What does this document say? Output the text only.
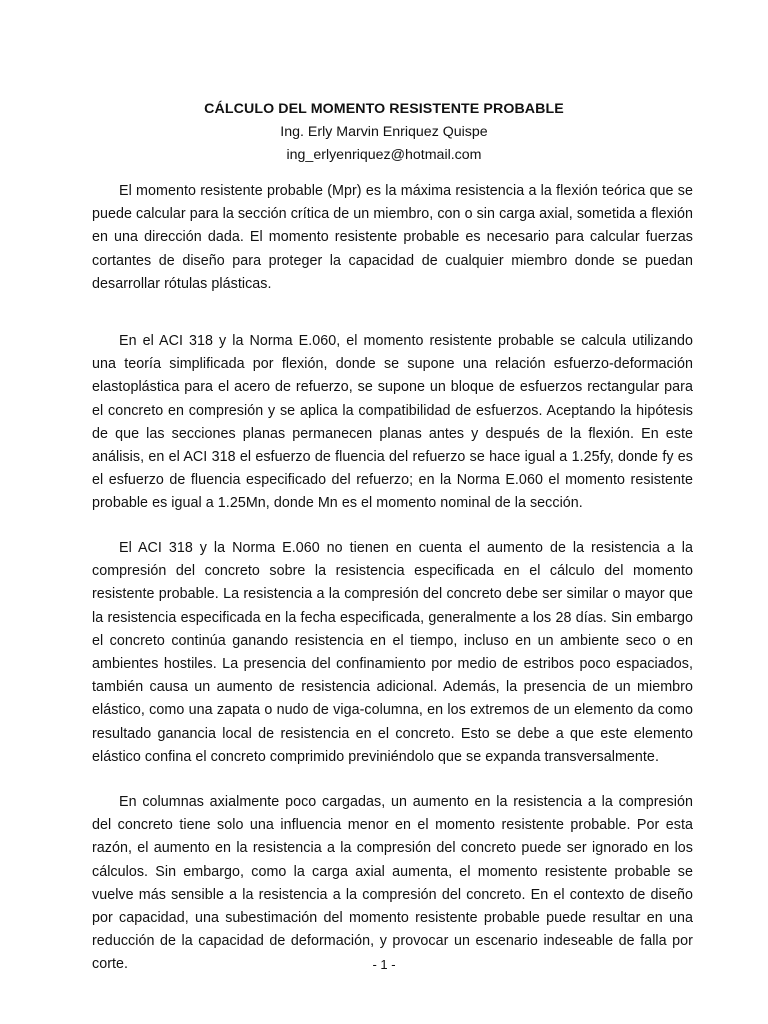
CÁLCULO DEL MOMENTO RESISTENTE PROBABLE
Ing. Erly Marvin Enriquez Quispe
ing_erlyenriquez@hotmail.com

El momento resistente probable (Mpr) es la máxima resistencia a la flexión teórica que se puede calcular para la sección crítica de un miembro, con o sin carga axial, sometida a flexión en una dirección dada. El momento resistente probable es necesario para calcular fuerzas cortantes de diseño para proteger la capacidad de cualquier miembro donde se puedan desarrollar rótulas plásticas.

En el ACI 318 y la Norma E.060, el momento resistente probable se calcula utilizando una teoría simplificada por flexión, donde se supone una relación esfuerzo-deformación elastoplástica para el acero de refuerzo, se supone un bloque de esfuerzos rectangular para el concreto en compresión y se aplica la compatibilidad de esfuerzos. Aceptando la hipótesis de que las secciones planas permanecen planas antes y después de la flexión. En este análisis, en el ACI 318 el esfuerzo de fluencia del refuerzo se hace igual a 1.25fy, donde fy es el esfuerzo de fluencia especificado del refuerzo; en la Norma E.060 el momento resistente probable es igual a 1.25Mn, donde Mn es el momento nominal de la sección.

El ACI 318 y la Norma E.060 no tienen en cuenta el aumento de la resistencia a la compresión del concreto sobre la resistencia especificada en el cálculo del momento resistente probable. La resistencia a la compresión del concreto debe ser similar o mayor que la resistencia especificada en la fecha especificada, generalmente a los 28 días. Sin embargo el concreto continúa ganando resistencia en el tiempo, incluso en un ambiente seco o en ambientes hostiles. La presencia del confinamiento por medio de estribos poco espaciados, también causa un aumento de resistencia adicional. Además, la presencia de un miembro elástico, como una zapata o nudo de viga-columna, en los extremos de un elemento da como resultado ganancia local de resistencia en el concreto. Esto se debe a que este elemento elástico confina el concreto comprimido previniéndolo que se expanda transversalmente.

En columnas axialmente poco cargadas, un aumento en la resistencia a la compresión del concreto tiene solo una influencia menor en el momento resistente probable. Por esta razón, el aumento en la resistencia a la compresión del concreto puede ser ignorado en los cálculos. Sin embargo, como la carga axial aumenta, el momento resistente probable se vuelve más sensible a la resistencia a la compresión del concreto. En el contexto de diseño por capacidad, una subestimación del momento resistente probable puede resultar en una reducción de la capacidad de deformación, y provocar un escenario indeseable de falla por corte.	- 1 -
